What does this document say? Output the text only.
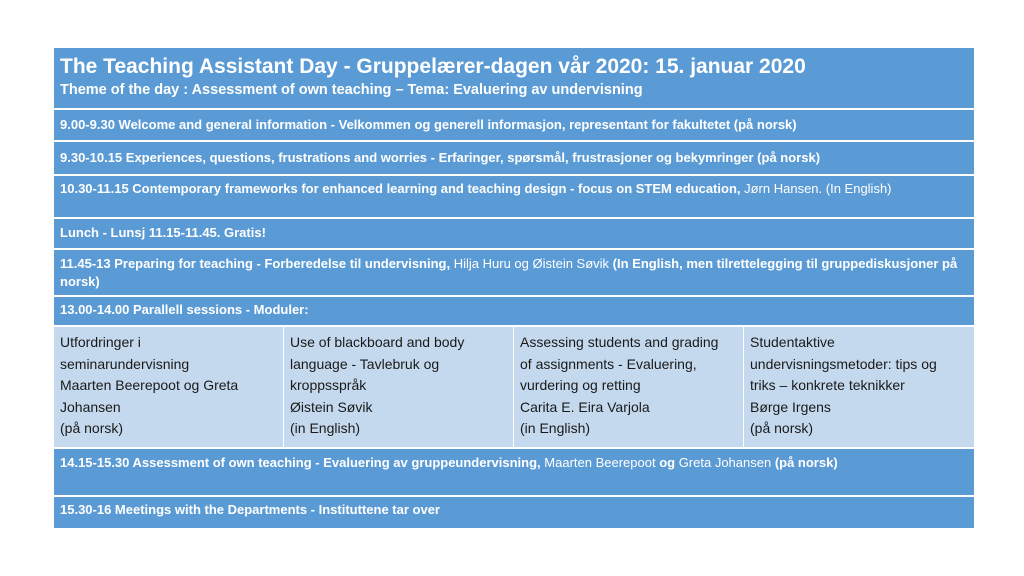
The Teaching Assistant Day - Gruppelærer-dagen vår 2020: 15. januar 2020
Theme of the day : Assessment of own teaching – Tema: Evaluering av undervisning
9.00-9.30 Welcome and general information - Velkommen og generell informasjon, representant for fakultetet (på norsk)
9.30-10.15 Experiences, questions, frustrations and worries - Erfaringer, spørsmål, frustrasjoner og bekymringer (på norsk)
10.30-11.15 Contemporary frameworks for enhanced learning and teaching design - focus on STEM education, Jørn Hansen. (In English)
Lunch - Lunsj 11.15-11.45. Gratis!
11.45-13 Preparing for teaching - Forberedelse til undervisning, Hilja Huru og Øistein Søvik (In English, men tilrettelegging til gruppediskusjoner på norsk)
13.00-14.00 Parallell sessions - Moduler:
Utfordringer i
seminarundervisning
Maarten Beerepoot og Greta
Johansen
(på norsk)
Use of blackboard and body
language - Tavlebruk og
kroppsspråk
Øistein Søvik
(in English)
Assessing students and grading
of assignments - Evaluering,
vurdering og retting
Carita E. Eira Varjola
(in English)
Studentaktive
undervisningsmetoder: tips og
triks – konkrete teknikker
Børge Irgens
(på norsk)
14.15-15.30 Assessment of own teaching - Evaluering av gruppeundervisning, Maarten Beerepoot og Greta Johansen (på norsk)
15.30-16 Meetings with the Departments - Instituttene tar over
